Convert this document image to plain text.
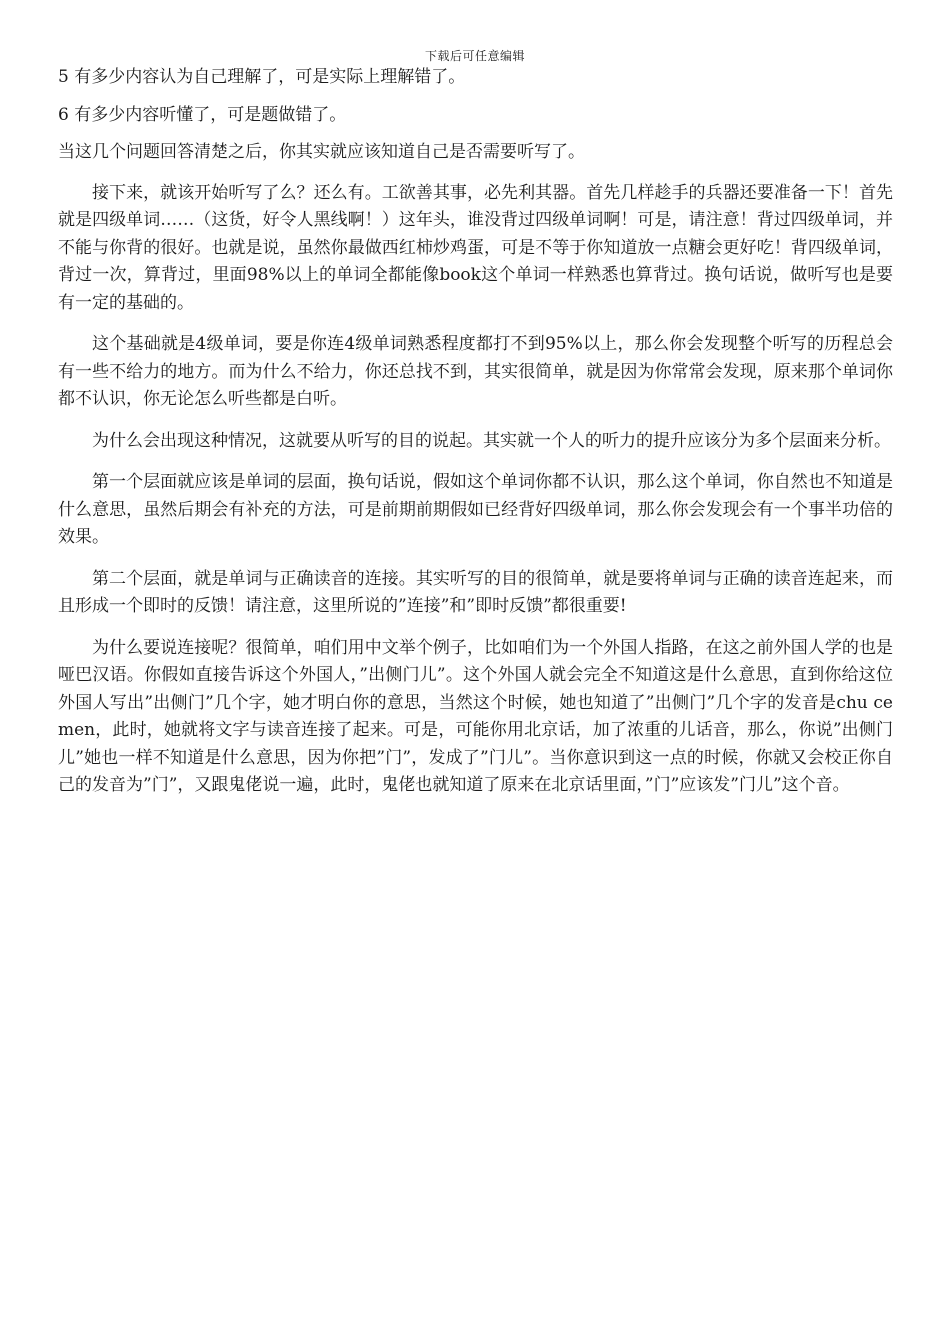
下载后可任意编辑

5 有多少内容认为自己理解了，可是实际上理解错了。

6 有多少内容听懂了，可是题做错了。

当这几个问题回答清楚之后，你其实就应该知道自己是否需要听写了。

接下来，就该开始听写了么？还么有。工欲善其事，必先利其器。首先几样趁手的兵器还要准备一下！首先就是四级单词……（这货，好令人黑线啊！）这年头，谁没背过四级单词啊！可是，请注意！背过四级单词，并不能与你背的很好。也就是说，虽然你最做西红柿炒鸡蛋，可是不等于你知道放一点糖会更好吃！背四级单词，背过一次，算背过，里面98%以上的单词全都能像book这个单词一样熟悉也算背过。换句话说，做听写也是要有一定的基础的。

这个基础就是4级单词，要是你连4级单词熟悉程度都打不到95%以上，那么你会发现整个听写的历程总会有一些不给力的地方。而为什么不给力，你还总找不到，其实很简单，就是因为你常常会发现，原来那个单词你都不认识，你无论怎么听些都是白听。

为什么会出现这种情况，这就要从听写的目的说起。其实就一个人的听力的提升应该分为多个层面来分析。

第一个层面就应该是单词的层面，换句话说，假如这个单词你都不认识，那么这个单词，你自然也不知道是什么意思，虽然后期会有补充的方法，可是前期前期假如已经背好四级单词，那么你会发现会有一个事半功倍的效果。

第二个层面，就是单词与正确读音的连接。其实听写的目的很简单，就是要将单词与正确的读音连起来，而且形成一个即时的反馈！请注意，这里所说的”连接”和”即时反馈”都很重要!

为什么要说连接呢？很简单，咱们用中文举个例子，比如咱们为一个外国人指路，在这之前外国人学的也是哑巴汉语。你假如直接告诉这个外国人，”出侧门儿”。这个外国人就会完全不知道这是什么意思，直到你给这位外国人写出”出侧门”几个字，她才明白你的意思，当然这个时候，她也知道了”出侧门”几个字的发音是chu ce men，此时，她就将文字与读音连接了起来。可是，可能你用北京话，加了浓重的儿话音，那么，你说”出侧门儿”她也一样不知道是什么意思，因为你把”门”，发成了”门儿”。当你意识到这一点的时候，你就又会校正你自己的发音为”门”，又跟鬼佬说一遍，此时，鬼佬也就知道了原来在北京话里面，”门”应该发”门儿”这个音。
